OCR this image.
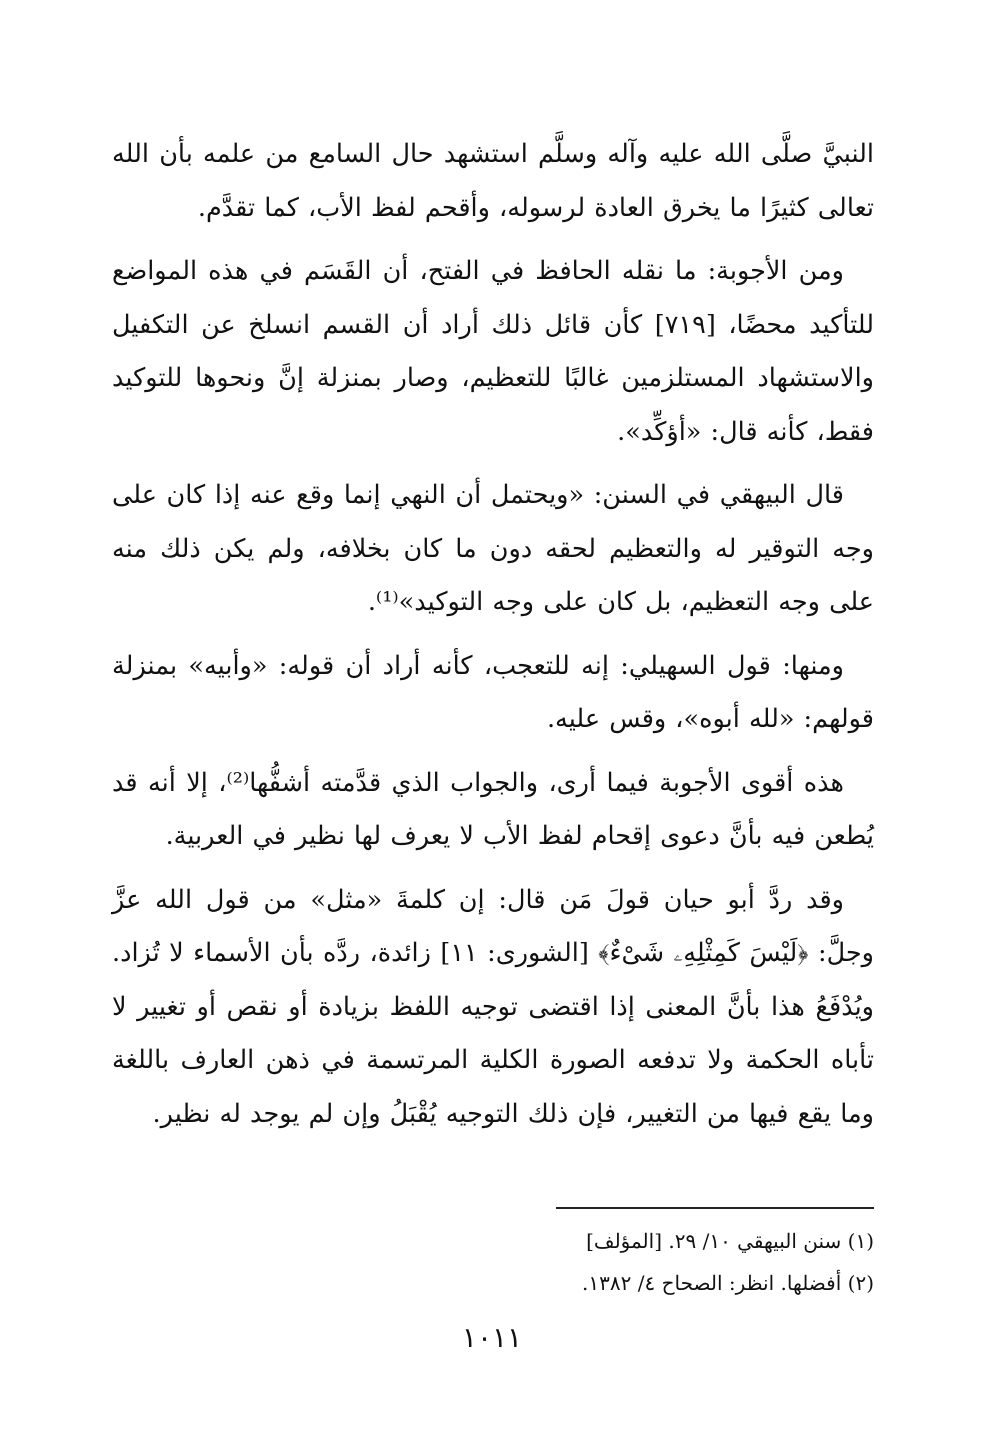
النبيَّ صلَّى الله عليه وآله وسلَّم استشهد حال السامع من علمه بأن الله تعالى كثيرًا ما يخرق العادة لرسوله، وأقحم لفظ الأب، كما تقدَّم.

ومن الأجوبة: ما نقله الحافظ في الفتح، أن القَسَم في هذه المواضع للتأكيد محضًا، [٧١٩] كأن قائل ذلك أراد أن القسم انسلخ عن التكفيل والاستشهاد المستلزمين غالبًا للتعظيم، وصار بمنزلة إنَّ ونحوها للتوكيد فقط، كأنه قال: «أؤكِّد».

قال البيهقي في السنن: «ويحتمل أن النهي إنما وقع عنه إذا كان على وجه التوقير له والتعظيم لحقه دون ما كان بخلافه، ولم يكن ذلك منه على وجه التعظيم، بل كان على وجه التوكيد»⁽¹⁾.

ومنها: قول السهيلي: إنه للتعجب، كأنه أراد أن قوله: «وأبيه» بمنزلة قولهم: «لله أبوه»، وقس عليه.

هذه أقوى الأجوبة فيما أرى، والجواب الذي قدَّمته أشفُّها⁽²⁾، إلا أنه قد يُطعن فيه بأنَّ دعوى إقحام لفظ الأب لا يعرف لها نظير في العربية.

وقد ردَّ أبو حيان قولَ مَن قال: إن كلمةَ «مثل» من قول الله عزَّ وجلَّ: ﴿لَيْسَ كَمِثْلِهِۦ شَىْءٌ﴾ [الشورى: ١١] زائدة، ردَّه بأن الأسماء لا تُزاد. ويُدْفَعُ هذا بأنَّ المعنى إذا اقتضى توجيه اللفظ بزيادة أو نقص أو تغيير لا تأباه الحكمة ولا تدفعه الصورة الكلية المرتسمة في ذهن العارف باللغة وما يقع فيها من التغيير، فإن ذلك التوجيه يُقْبَلُ وإن لم يوجد له نظير.

(١) سنن البيهقي ١٠/ ٢٩. [المؤلف]

(٢) أفضلها. انظر: الصحاح ٤/ ١٣٨٢.

١٠١١
